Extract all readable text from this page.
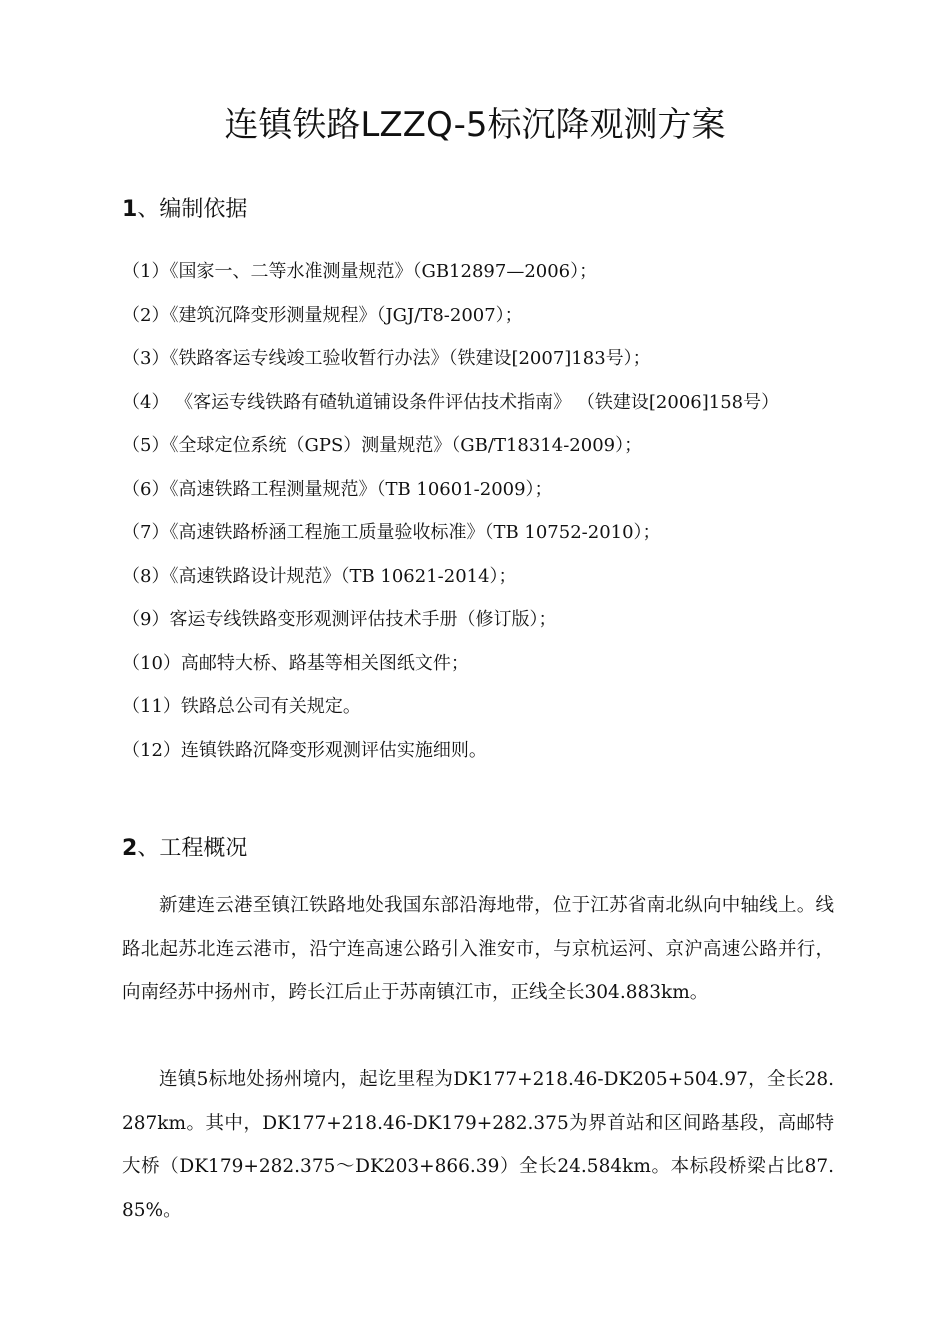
连镇铁路LZZQ-5标沉降观测方案
1、编制依据
（1）《国家一、二等水准测量规范》（GB12897—2006）；
（2）《建筑沉降变形测量规程》（JGJ/T8-2007）；
（3）《铁路客运专线竣工验收暂行办法》（铁建设[2007]183号）；
（4） 《客运专线铁路有碴轨道铺设条件评估技术指南》 （铁建设[2006]158号）
（5）《全球定位系统（GPS）测量规范》（GB/T18314-2009）；
（6）《高速铁路工程测量规范》（TB 10601-2009）；
（7）《高速铁路桥涵工程施工质量验收标准》（TB 10752-2010）；
（8）《高速铁路设计规范》（TB 10621-2014）；
（9）客运专线铁路变形观测评估技术手册（修订版）；
（10）高邮特大桥、路基等相关图纸文件；
（11）铁路总公司有关规定。
（12）连镇铁路沉降变形观测评估实施细则。
2、工程概况
新建连云港至镇江铁路地处我国东部沿海地带，位于江苏省南北纵向中轴线上。线路北起苏北连云港市，沿宁连高速公路引入淮安市，与京杭运河、京沪高速公路并行，向南经苏中扬州市，跨长江后止于苏南镇江市，正线全长304.883km。
连镇5标地处扬州境内，起讫里程为DK177+218.46-DK205+504.97，全长28.287km。其中，DK177+218.46-DK179+282.375为界首站和区间路基段，高邮特大桥（DK179+282.375～DK203+866.39）全长24.584km。本标段桥梁占比87.85%。
